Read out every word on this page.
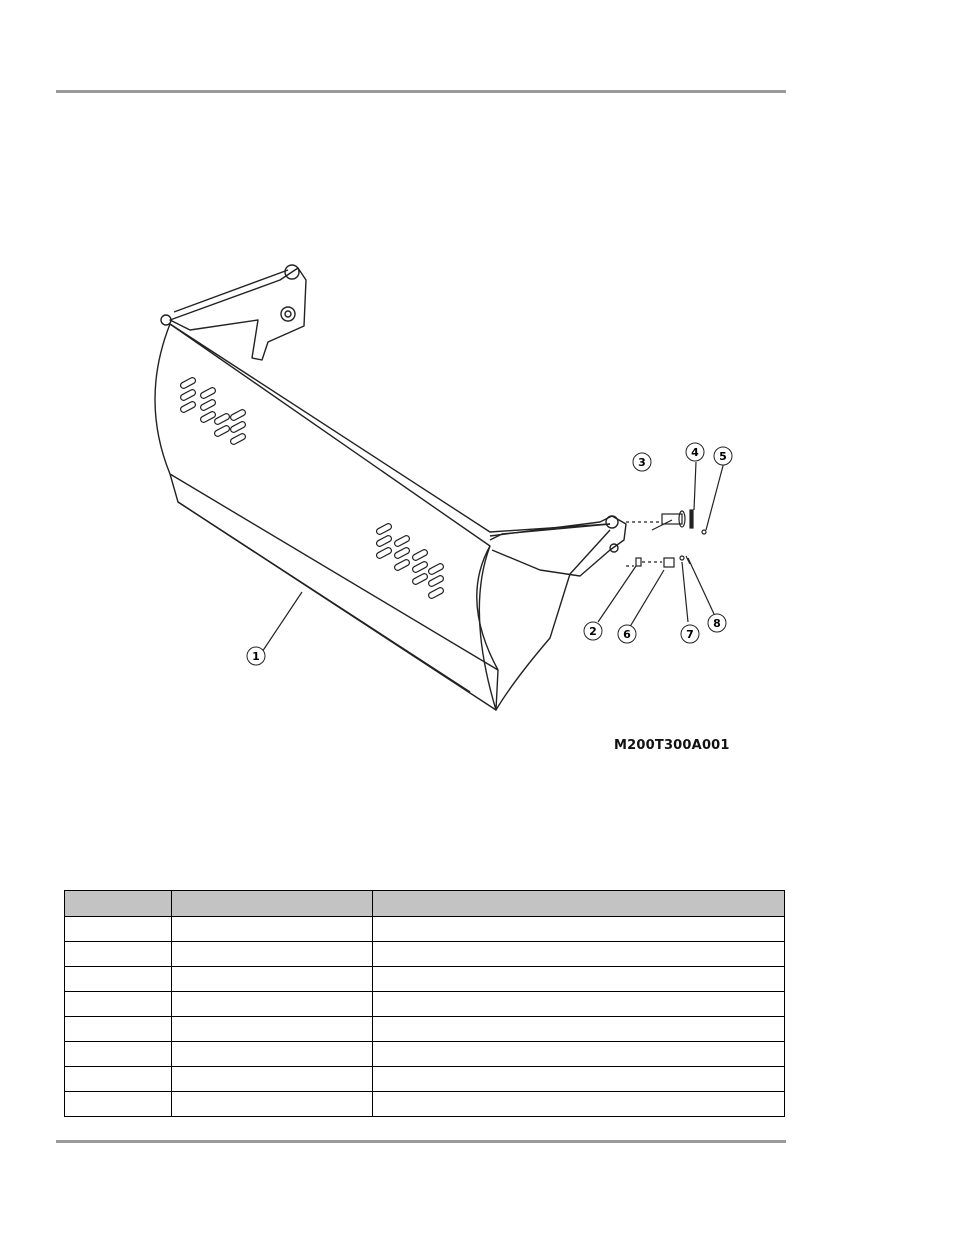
1
2
3
4 5
6	7
8
M200T300A001
